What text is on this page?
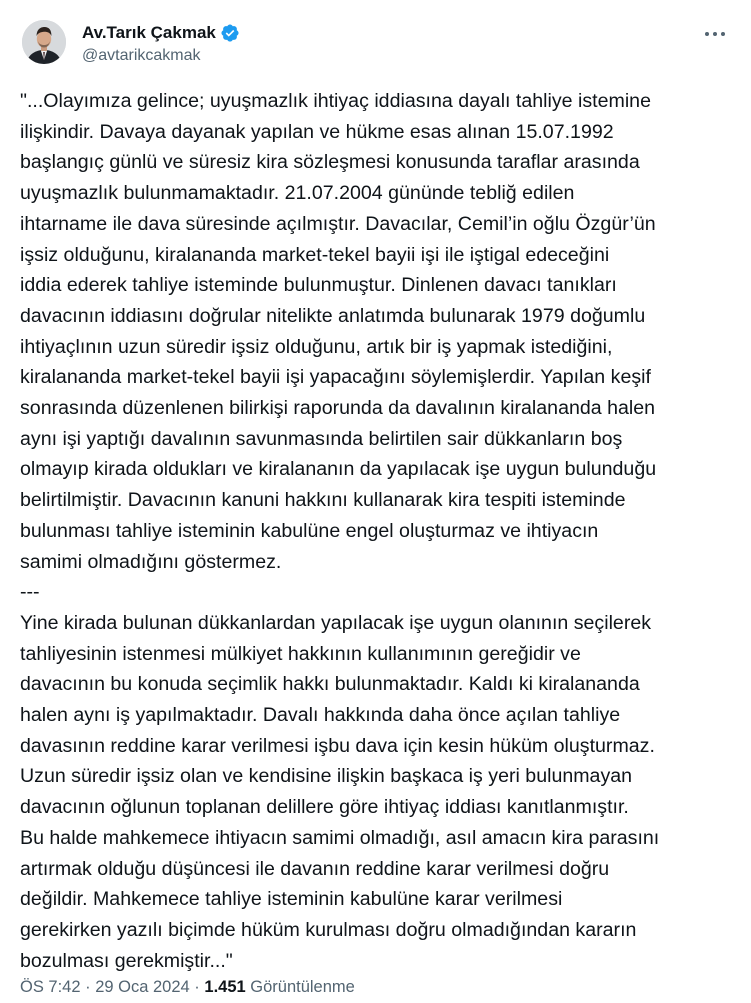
Av.Tarık Çakmak
@avtarikcakmak
"...Olayımıza gelince; uyuşmazlık ihtiyaç iddiasına dayalı tahliye istemine
ilişkindir. Davaya dayanak yapılan ve hükme esas alınan 15.07.1992
başlangıç günlü ve süresiz kira sözleşmesi konusunda taraflar arasında
uyuşmazlık bulunmamaktadır. 21.07.2004 gününde tebliğ edilen
ihtarname ile dava süresinde açılmıştır. Davacılar, Cemil’in oğlu Özgür’ün
işsiz olduğunu, kiralananda market-tekel bayii işi ile iştigal edeceğini
iddia ederek tahliye isteminde bulunmuştur. Dinlenen davacı tanıkları
davacının iddiasını doğrular nitelikte anlatımda bulunarak 1979 doğumlu
ihtiyaçlının uzun süredir işsiz olduğunu, artık bir iş yapmak istediğini,
kiralananda market-tekel bayii işi yapacağını söylemişlerdir. Yapılan keşif
sonrasında düzenlenen bilirkişi raporunda da davalının kiralananda halen
aynı işi yaptığı davalının savunmasında belirtilen sair dükkanların boş
olmayıp kirada oldukları ve kiralananın da yapılacak işe uygun bulunduğu
belirtilmiştir. Davacının kanuni hakkını kullanarak kira tespiti isteminde
bulunması tahliye isteminin kabulüne engel oluşturmaz ve ihtiyacın
samimi olmadığını göstermez.
---
Yine kirada bulunan dükkanlardan yapılacak işe uygun olanının seçilerek
tahliyesinin istenmesi mülkiyet hakkının kullanımının gereğidir ve
davacının bu konuda seçimlik hakkı bulunmaktadır. Kaldı ki kiralananda
halen aynı iş yapılmaktadır. Davalı hakkında daha önce açılan tahliye
davasının reddine karar verilmesi işbu dava için kesin hüküm oluşturmaz.
Uzun süredir işsiz olan ve kendisine ilişkin başkaca iş yeri bulunmayan
davacının oğlunun toplanan delillere göre ihtiyaç iddiası kanıtlanmıştır.
Bu halde mahkemece ihtiyacın samimi olmadığı, asıl amacın kira parasını
artırmak olduğu düşüncesi ile davanın reddine karar verilmesi doğru
değildir. Mahkemece tahliye isteminin kabulüne karar verilmesi
gerekirken yazılı biçimde hüküm kurulması doğru olmadığından kararın
bozulması gerekmiştir..."
ÖS 7:42 · 29 Oca 2024 · 1.451 Görüntülenme
